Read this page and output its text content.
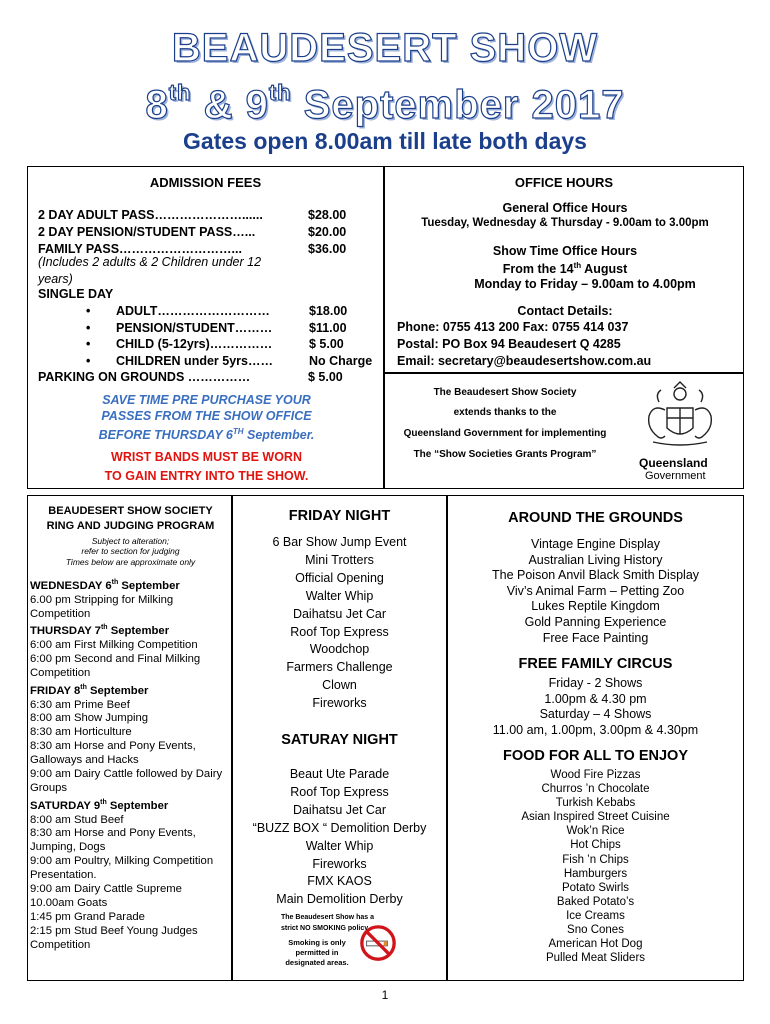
BEAUDESERT SHOW
8th & 9th September 2017
Gates open 8.00am till late both days
ADMISSION FEES
2 DAY ADULT PASS…………………......	$28.00
2 DAY PENSION/STUDENT PASS…...	$20.00
FAMILY PASS………………………...	$36.00
(Includes 2 adults & 2 Children under 12
years)
SINGLE DAY
• ADULT………………………	$18.00
• PENSION/STUDENT………	$11.00
• CHILD (5-12yrs)……………	$ 5.00
• CHILDREN under 5yrs……	No Charge
PARKING ON GROUNDS ……………	$ 5.00
SAVE TIME PRE PURCHASE YOUR
PASSES FROM THE SHOW OFFICE
BEFORE THURSDAY 6TH September.
WRIST BANDS MUST BE WORN
TO GAIN ENTRY INTO THE SHOW.
OFFICE HOURS
General Office Hours
Tuesday, Wednesday & Thursday - 9.00am to 3.00pm
Show Time Office Hours
From the 14th August
Monday to Friday – 9.00am to 4.00pm
Contact Details:
Phone: 0755 413 200 Fax: 0755 414 037
Postal: PO Box 94 Beaudesert Q 4285
Email: secretary@beaudesertshow.com.au
The Beaudesert Show Society
extends thanks to the
Queensland Government for implementing
The “Show Societies Grants Program”
Queensland
Government
BEAUDESERT SHOW SOCIETY
RING AND JUDGING PROGRAM
Subject to alteration;
refer to section for judging
Times below are approximate only
WEDNESDAY 6th September
6.00 pm Stripping for Milking Competition
THURSDAY 7th September
6:00 am First Milking Competition
6:00 pm Second and Final Milking Competition
FRIDAY 8th September
6:30 am Prime Beef
8:00 am Show Jumping
8:30 am Horticulture
8:30 am Horse and Pony Events, Galloways and Hacks
9:00 am Dairy Cattle followed by Dairy Groups
SATURDAY 9th September
8:00 am Stud Beef
8:30 am Horse and Pony Events, Jumping, Dogs
9:00 am Poultry, Milking Competition Presentation.
9:00 am Dairy Cattle Supreme
10.00am Goats
1:45 pm Grand Parade
2:15 pm Stud Beef Young Judges Competition
FRIDAY NIGHT
6 Bar Show Jump Event
Mini Trotters
Official Opening
Walter Whip
Daihatsu Jet Car
Roof Top Express
Woodchop
Farmers Challenge
Clown
Fireworks
SATURAY NIGHT
Beaut Ute Parade
Roof Top Express
Daihatsu Jet Car
“BUZZ BOX “ Demolition Derby
Walter Whip
Fireworks
FMX KAOS
Main Demolition Derby
The Beaudesert Show has a
strict NO SMOKING policy
Smoking is only permitted in designated areas.
AROUND THE GROUNDS
Vintage Engine Display
Australian Living History
The Poison Anvil Black Smith Display
Viv’s Animal Farm – Petting Zoo
Lukes Reptile Kingdom
Gold Panning Experience
Free Face Painting
FREE FAMILY CIRCUS
Friday - 2 Shows
1.00pm & 4.30 pm
Saturday – 4 Shows
11.00 am, 1.00pm, 3.00pm & 4.30pm
FOOD FOR ALL TO ENJOY
Wood Fire Pizzas
Churros ’n Chocolate
Turkish Kebabs
Asian Inspired Street Cuisine
Wok’n Rice
Hot Chips
Fish ’n Chips
Hamburgers
Potato Swirls
Baked Potato’s
Ice Creams
Sno Cones
American Hot Dog
Pulled Meat Sliders
1
